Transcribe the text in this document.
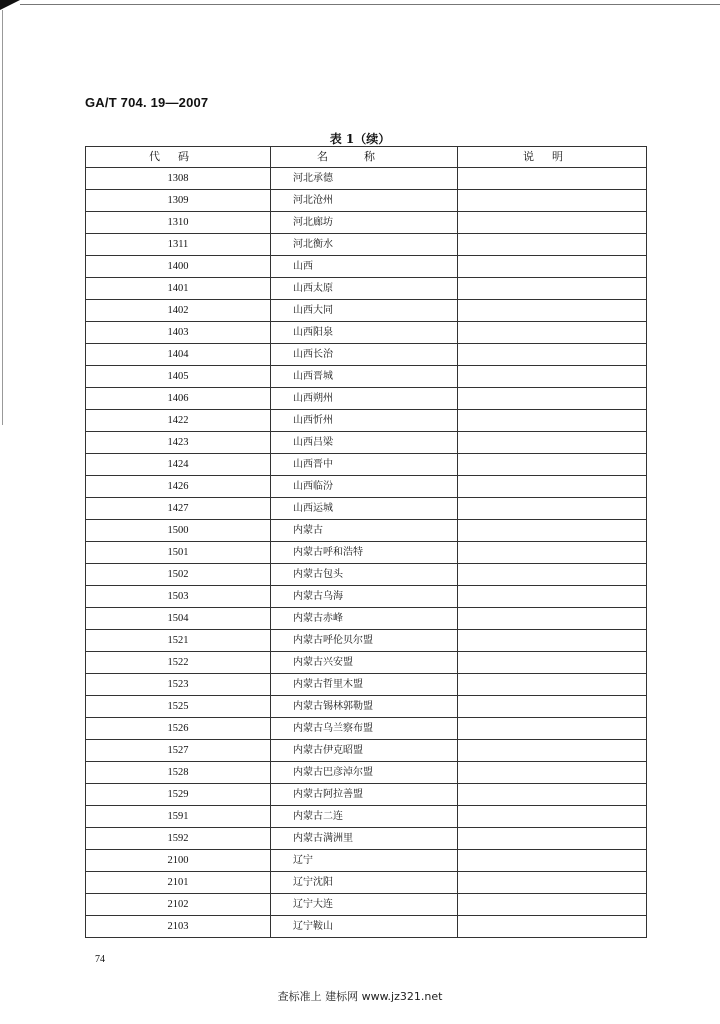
GA/T 704. 19—2007
表 1（续）
代码	名称	说明
1308	河北承德	
1309	河北沧州	
1310	河北廊坊	
1311	河北衡水	
1400	山西	
1401	山西太原	
1402	山西大同	
1403	山西阳泉	
1404	山西长治	
1405	山西晋城	
1406	山西朔州	
1422	山西忻州	
1423	山西吕梁	
1424	山西晋中	
1426	山西临汾	
1427	山西运城	
1500	内蒙古	
1501	内蒙古呼和浩特	
1502	内蒙古包头	
1503	内蒙古乌海	
1504	内蒙古赤峰	
1521	内蒙古呼伦贝尔盟	
1522	内蒙古兴安盟	
1523	内蒙古哲里木盟	
1525	内蒙古锡林郭勒盟	
1526	内蒙古乌兰察布盟	
1527	内蒙古伊克昭盟	
1528	内蒙古巴彦淖尔盟	
1529	内蒙古阿拉善盟	
1591	内蒙古二连	
1592	内蒙古满洲里	
2100	辽宁	
2101	辽宁沈阳	
2102	辽宁大连	
2103	辽宁鞍山	
74
查标准上 建标网 www.jz321.net
